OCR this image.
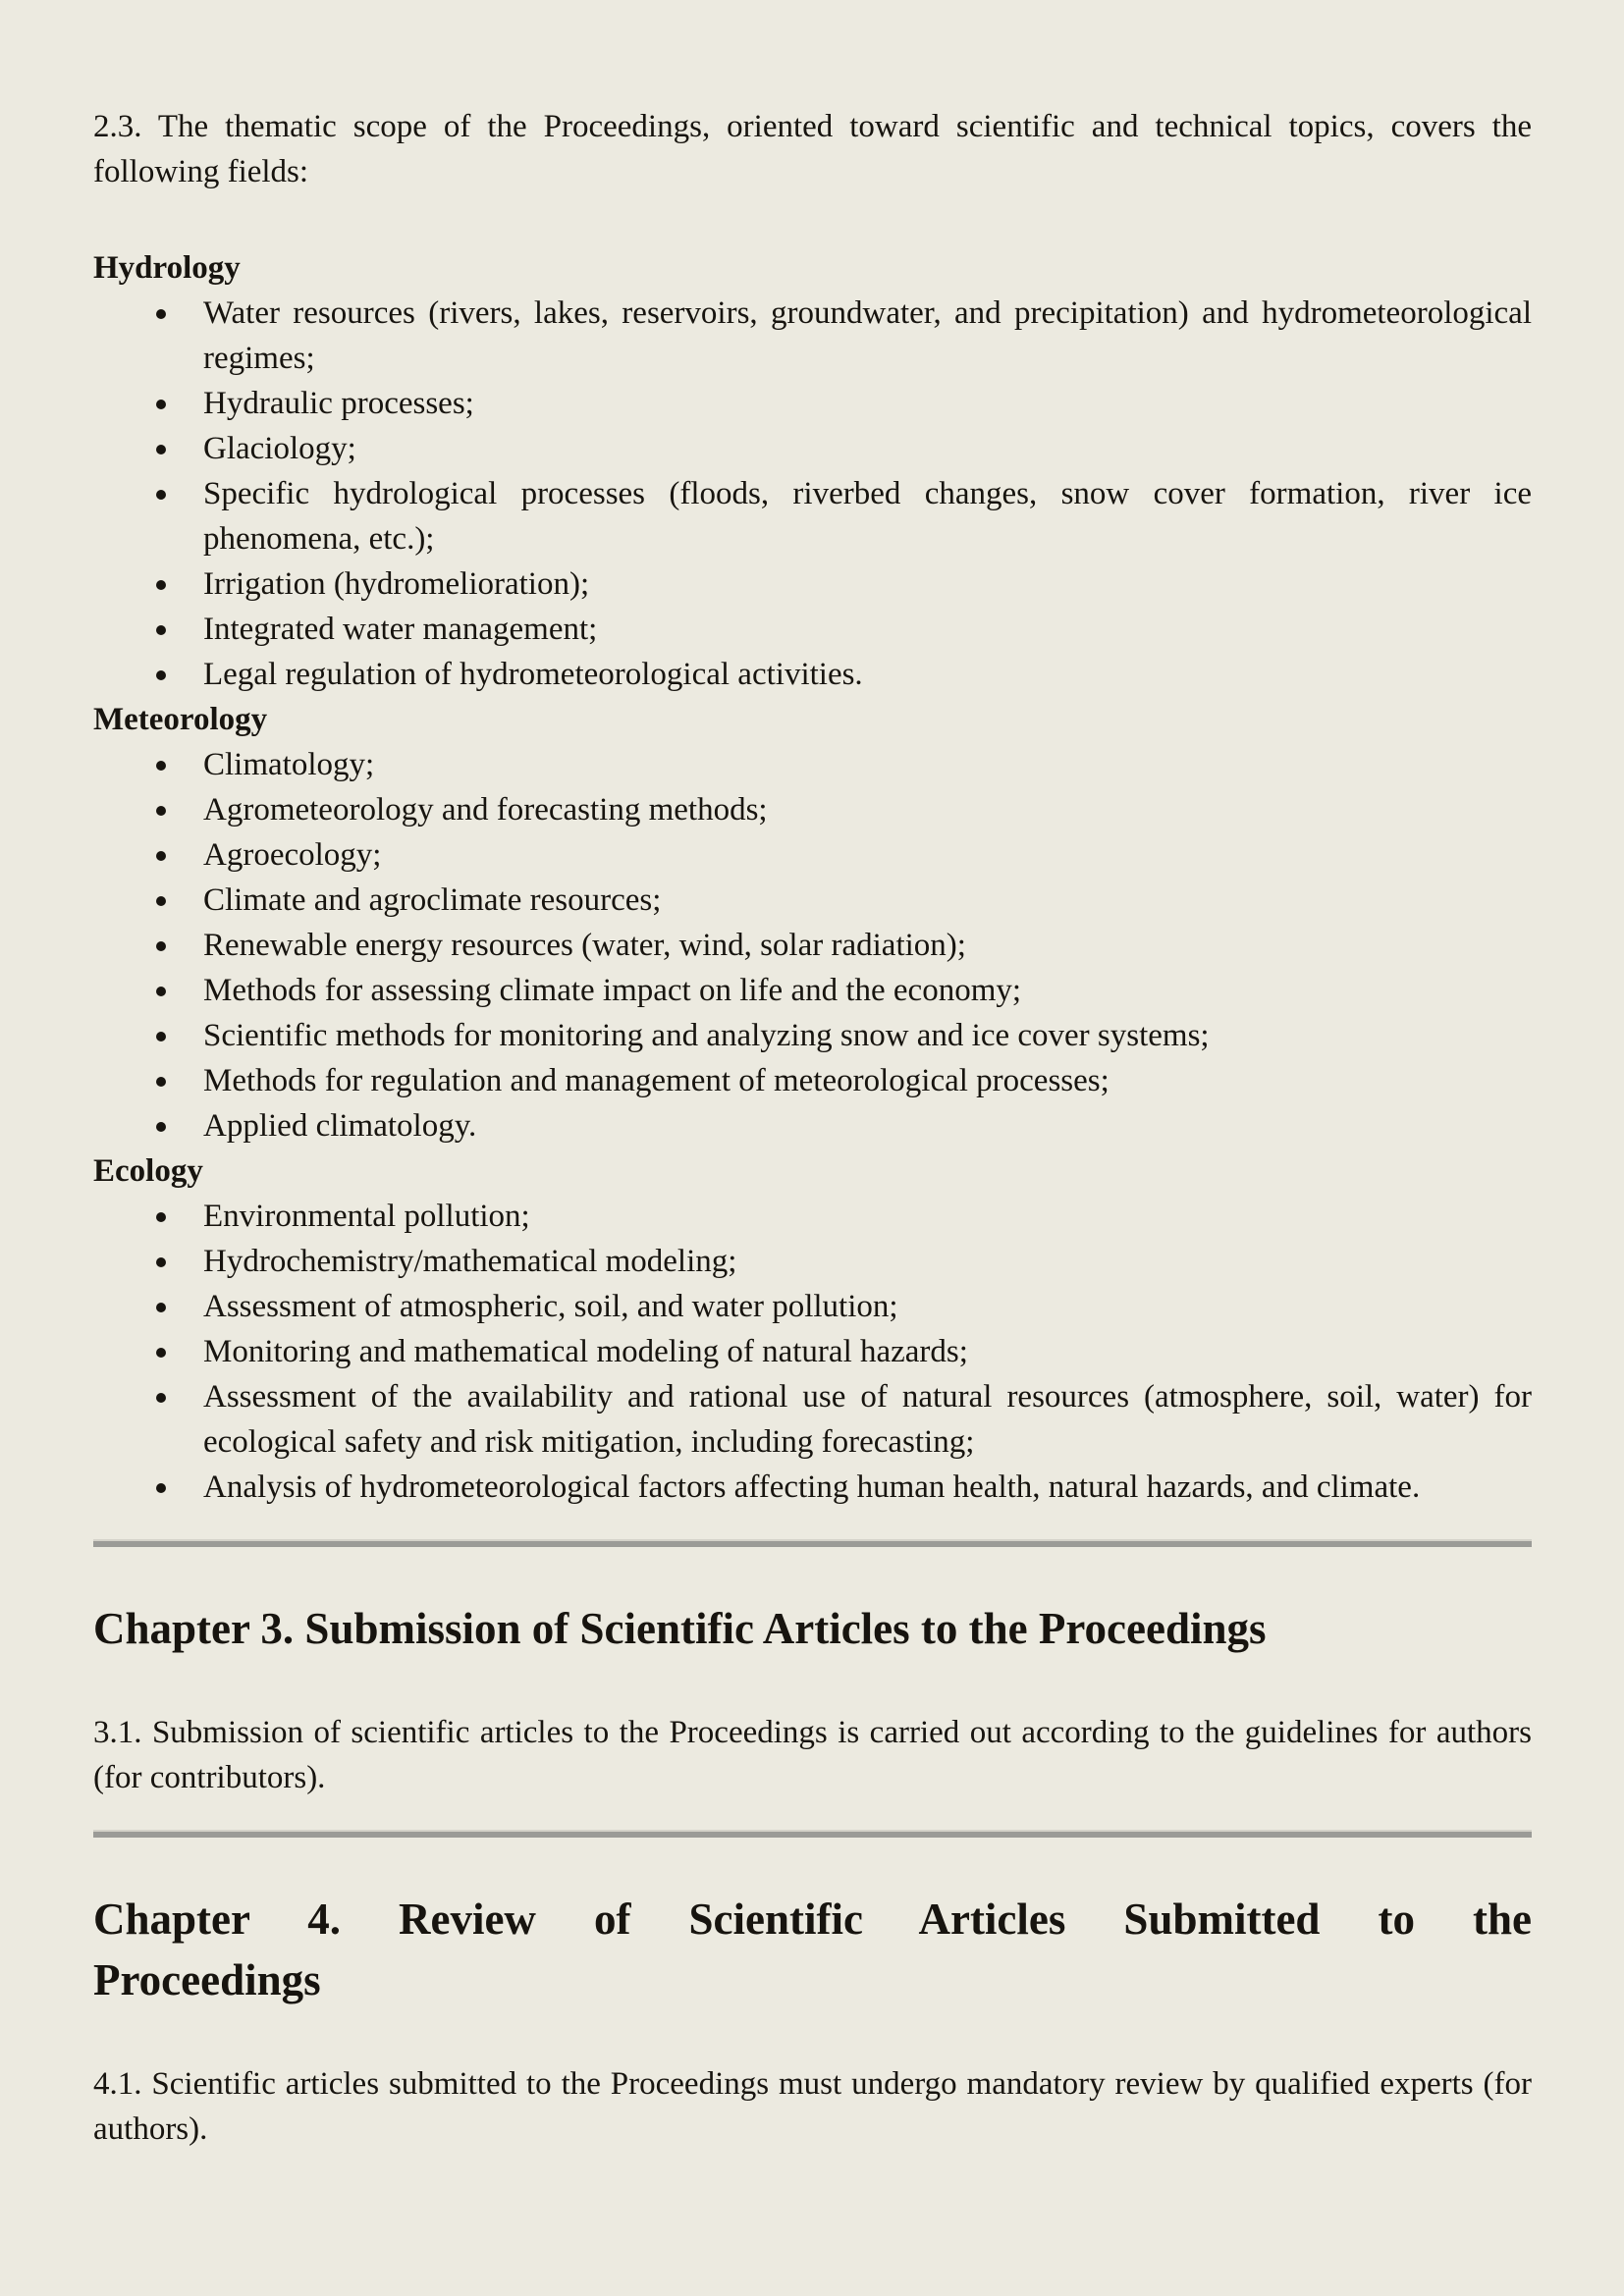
2.3. The thematic scope of the Proceedings, oriented toward scientific and technical topics, covers the following fields:

Hydrology
Water resources (rivers, lakes, reservoirs, groundwater, and precipitation) and hydrometeorological regimes;
Hydraulic processes;
Glaciology;
Specific hydrological processes (floods, riverbed changes, snow cover formation, river ice phenomena, etc.);
Irrigation (hydromelioration);
Integrated water management;
Legal regulation of hydrometeorological activities.
Meteorology
Climatology;
Agrometeorology and forecasting methods;
Agroecology;
Climate and agroclimate resources;
Renewable energy resources (water, wind, solar radiation);
Methods for assessing climate impact on life and the economy;
Scientific methods for monitoring and analyzing snow and ice cover systems;
Methods for regulation and management of meteorological processes;
Applied climatology.
Ecology
Environmental pollution;
Hydrochemistry/mathematical modeling;
Assessment of atmospheric, soil, and water pollution;
Monitoring and mathematical modeling of natural hazards;
Assessment of the availability and rational use of natural resources (atmosphere, soil, water) for ecological safety and risk mitigation, including forecasting;
Analysis of hydrometeorological factors affecting human health, natural hazards, and climate.
Chapter 3. Submission of Scientific Articles to the Proceedings

3.1. Submission of scientific articles to the Proceedings is carried out according to the guidelines for authors (for contributors).

Chapter 4. Review of Scientific Articles Submitted to the
Proceedings

4.1. Scientific articles submitted to the Proceedings must undergo mandatory review by qualified experts (for authors).
